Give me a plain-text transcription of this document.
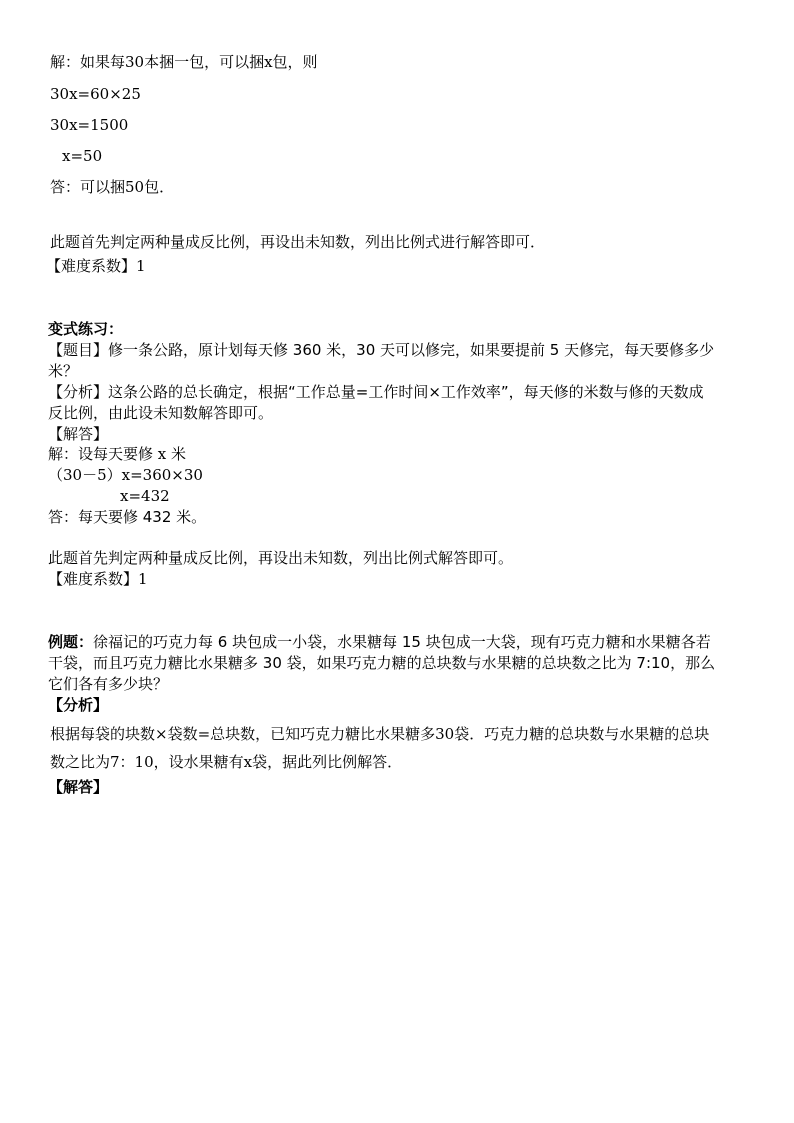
解：如果每30本捆一包，可以捆x包，则

30x=60×25

30x=1500

x=50

答：可以捆50包．

此题首先判定两种量成反比例，再设出未知数，列出比例式进行解答即可．

【难度系数】1

变式练习：

【题目】修一条公路，原计划每天修 360 米，30 天可以修完，如果要提前 5 天修完，每天要修多少

米？

【分析】这条公路的总长确定，根据“工作总量=工作时间×工作效率”，每天修的米数与修的天数成

反比例，由此设未知数解答即可。

【解答】

解：设每天要修 x 米

（30－5）x=360×30

x=432

答：每天要修 432 米。

此题首先判定两种量成反比例，再设出未知数，列出比例式解答即可。

【难度系数】1

例题：徐福记的巧克力每 6 块包成一小袋，水果糖每 15 块包成一大袋，现有巧克力糖和水果糖各若

干袋，而且巧克力糖比水果糖多 30 袋，如果巧克力糖的总块数与水果糖的总块数之比为 7:10，那么

它们各有多少块？

【分析】

根据每袋的块数×袋数=总块数，已知巧克力糖比水果糖多30袋．巧克力糖的总块数与水果糖的总块

数之比为7：10，设水果糖有x袋，据此列比例解答．

【解答】
